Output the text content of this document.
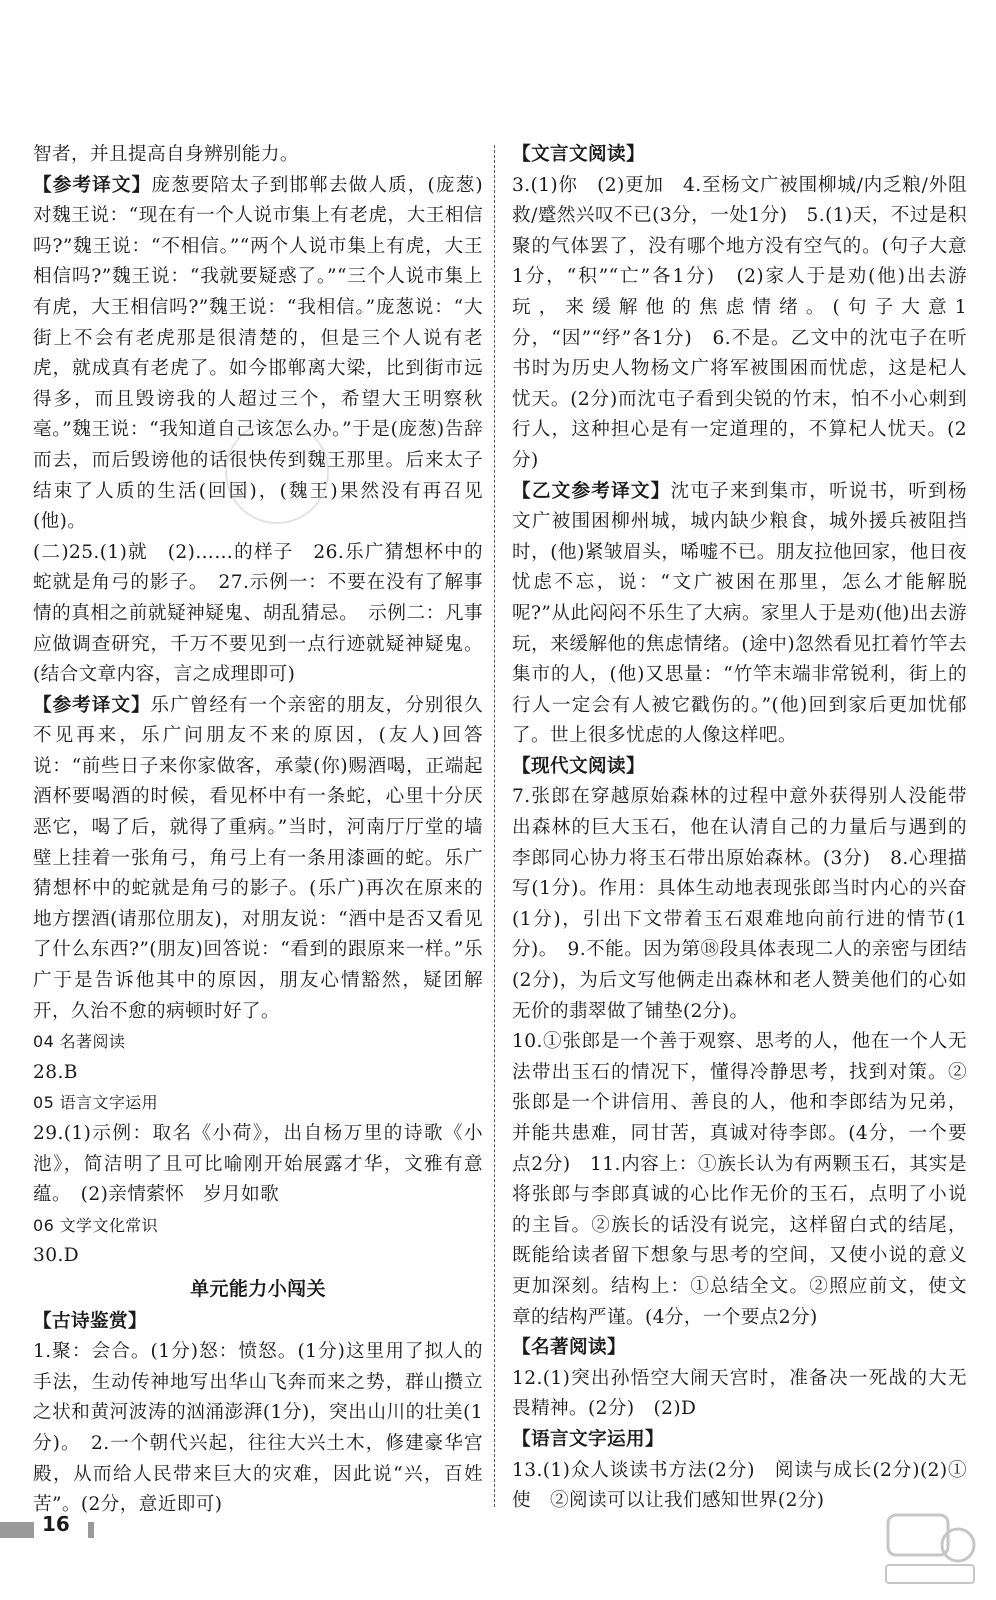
智者，并且提高自身辨别能力。

【参考译文】庞葱要陪太子到邯郸去做人质，(庞葱)对魏王说：“现在有一个人说市集上有老虎，大王相信吗?”魏王说：“不相信。”“两个人说市集上有虎，大王相信吗?”魏王说：“我就要疑惑了。”“三个人说市集上有虎，大王相信吗?”魏王说：“我相信。”庞葱说：“大街上不会有老虎那是很清楚的，但是三个人说有老虎，就成真有老虎了。如今邯郸离大梁，比到街市远得多，而且毁谤我的人超过三个，希望大王明察秋毫。”魏王说：“我知道自己该怎么办。”于是(庞葱)告辞而去，而后毁谤他的话很快传到魏王那里。后来太子结束了人质的生活(回国)，(魏王)果然没有再召见(他)。

(二)25.(1)就　(2)……的样子　26.乐广猜想杯中的蛇就是角弓的影子。　27.示例一：不要在没有了解事情的真相之前就疑神疑鬼、胡乱猜忌。　示例二：凡事应做调查研究，千万不要见到一点行迹就疑神疑鬼。(结合文章内容，言之成理即可)

【参考译文】乐广曾经有一个亲密的朋友，分别很久不见再来，乐广问朋友不来的原因，(友人)回答说：“前些日子来你家做客，承蒙(你)赐酒喝，正端起酒杯要喝酒的时候，看见杯中有一条蛇，心里十分厌恶它，喝了后，就得了重病。”当时，河南厅厅堂的墙壁上挂着一张角弓，角弓上有一条用漆画的蛇。乐广猜想杯中的蛇就是角弓的影子。(乐广)再次在原来的地方摆酒(请那位朋友)，对朋友说：“酒中是否又看见了什么东西?”(朋友)回答说：“看到的跟原来一样。”乐广于是告诉他其中的原因，朋友心情豁然，疑团解开，久治不愈的病顿时好了。

04 名著阅读

28.B

05 语言文字运用

29.(1)示例：取名《小荷》，出自杨万里的诗歌《小池》，简洁明了且可比喻刚开始展露才华，文雅有意蕴。　(2)亲情萦怀　岁月如歌

06 文学文化常识

30.D

单元能力小闯关

【古诗鉴赏】

1.聚：会合。(1分)怒：愤怒。(1分)这里用了拟人的手法，生动传神地写出华山飞奔而来之势，群山攒立之状和黄河波涛的汹涌澎湃(1分)，突出山川的壮美(1分)。　2.一个朝代兴起，往往大兴土木，修建豪华宫殿，从而给人民带来巨大的灾难，因此说“兴，百姓苦”。(2分，意近即可)

【文言文阅读】

3.(1)你　(2)更加　4.至杨文广被围柳城/内乏粮/外阻救/蹙然兴叹不已(3分，一处1分)　5.(1)天，不过是积聚的气体罢了，没有哪个地方没有空气的。(句子大意1分，“积”“亡”各1分)　(2)家人于是劝(他)出去游玩，来缓解他的焦虑情绪。(句子大意1分，“因”“纾”各1分)　6.不是。乙文中的沈屯子在听书时为历史人物杨文广将军被围困而忧虑，这是杞人忧天。(2分)而沈屯子看到尖锐的竹末，怕不小心刺到行人，这种担心是有一定道理的，不算杞人忧天。(2分)

【乙文参考译文】沈屯子来到集市，听说书，听到杨文广被围困柳州城，城内缺少粮食，城外援兵被阻挡时，(他)紧皱眉头，唏嘘不已。朋友拉他回家，他日夜忧虑不忘，说：“文广被困在那里，怎么才能解脱呢?”从此闷闷不乐生了大病。家里人于是劝(他)出去游玩，来缓解他的焦虑情绪。(途中)忽然看见扛着竹竿去集市的人，(他)又思量：“竹竿末端非常锐利，街上的行人一定会有人被它戳伤的。”(他)回到家后更加忧郁了。世上很多忧虑的人像这样吧。

【现代文阅读】

7.张郎在穿越原始森林的过程中意外获得别人没能带出森林的巨大玉石，他在认清自己的力量后与遇到的李郎同心协力将玉石带出原始森林。(3分)　8.心理描写(1分)。作用：具体生动地表现张郎当时内心的兴奋(1分)，引出下文带着玉石艰难地向前行进的情节(1分)。　9.不能。因为第⑱段具体表现二人的亲密与团结(2分)，为后文写他俩走出森林和老人赞美他们的心如无价的翡翠做了铺垫(2分)。

10.①张郎是一个善于观察、思考的人，他在一个人无法带出玉石的情况下，懂得冷静思考，找到对策。②张郎是一个讲信用、善良的人，他和李郎结为兄弟，并能共患难，同甘苦，真诚对待李郎。(4分，一个要点2分)　11.内容上：①族长认为有两颗玉石，其实是将张郎与李郎真诚的心比作无价的玉石，点明了小说的主旨。②族长的话没有说完，这样留白式的结尾，既能给读者留下想象与思考的空间，又使小说的意义更加深刻。结构上：①总结全文。②照应前文，使文章的结构严谨。(4分，一个要点2分)

【名著阅读】

12.(1)突出孙悟空大闹天宫时，准备决一死战的大无畏精神。(2分)　(2)D

【语言文字运用】

13.(1)众人谈读书方法(2分)　阅读与成长(2分)(2)①使　②阅读可以让我们感知世界(2分)

16
